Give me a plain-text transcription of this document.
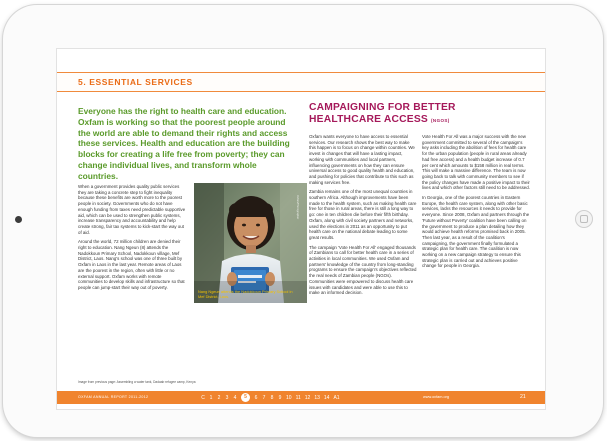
5. ESSENTIAL SERVICES
Everyone has the right to health care and education. Oxfam is working so that the poorest people around the world are able to demand their rights and access these services. Health and education are the building blocks for creating a life free from poverty; they can change individual lives, and transform whole countries.

When a government provides quality public services they are taking a concrete step to fight inequality because these benefits are worth more to the poorest people in society. Governments who do not have enough funding from taxes need predictable supportive aid, which can be used to strengthen public systems, increase transparency and accountability and help create strong, fair tax systems to kick-start the way out of aid.

Around the world, 72 million children are denied their right to education. Nang Ngeun (8) attends the Nadokkoun Primary School, Nadokkoun village, Mef District, Laos. Nang's school was one of three built by Oxfam in Laos in the last year. Remote areas of Laos are the poorest in the region, often with little or no external support. Oxfam works with remote communities to develop skills and infrastructure so that people can jump-start their way out of poverty.

Oxfam/Photographer
Nang Ngeun attends the Nadokkoun Primary School in Mef District, Laos.
CAMPAIGNING FOR BETTER HEALTHCARE ACCESS (NGOS)

Oxfam wants everyone to have access to essential services. Our research shows the best way to make this happen is to focus on change within countries. We invest in changes that will have a lasting impact, working with communities and local partners, influencing governments on how they can ensure universal access to good quality health and education, and pushing for policies that contribute to this such as making services free.

Zambia remains one of the most unequal countries in southern Africa. Although improvements have been made to the health system, such as making health care free for those in rural areas, there is still a long way to go: one in ten children die before their fifth birthday. Oxfam, along with civil society partners and networks, used the elections in 2011 as an opportunity to put health care on the national debate leading to some great results.

The campaign 'Vote Health For All' engaged thousands of Zambians to call for better health care in a series of activities in local communities. We used Oxfam and partners' knowledge of the country from long-standing programs to ensure the campaign's objectives reflected the real needs of Zambian people (NGOs). Communities were empowered to discuss health care issues with candidates and were able to use this to make an informed decision.

Vote Health For All was a major success with the new government committed to several of the campaign's key asks including the abolition of fees for health care for the urban population (people in rural areas already had free access) and a health budget increase of 0.7 per cent which amounts to $158 million in real terms. This will make a massive difference. The team is now going back to talk with community members to see if the policy changes have made a positive impact to their lives and which other factors still need to be addressed.

In Georgia, one of the poorest countries in Eastern Europe, the health care system, along with other basic services, lacks the resources it needs to provide for everyone. Since 2008, Oxfam and partners through the 'Future without Poverty' coalition have been calling on the government to produce a plan detailing how they would achieve health reforms promised back in 2005. Then last year, as a result of the coalition's campaigning, the government finally formulated a strategic plan for health care. The coalition is now working on a new campaign strategy to ensure this strategic plan is carried out and achieves positive change for people in Georgia.

Image from previous page: Assembling a water tank, Dadaab refugee camp, Kenya
OXFAM ANNUAL REPORT 2011-2012	C 1 2 3 4	5	6 7 8 9 10 11 12 13 14 A1	www.oxfam.org	21
